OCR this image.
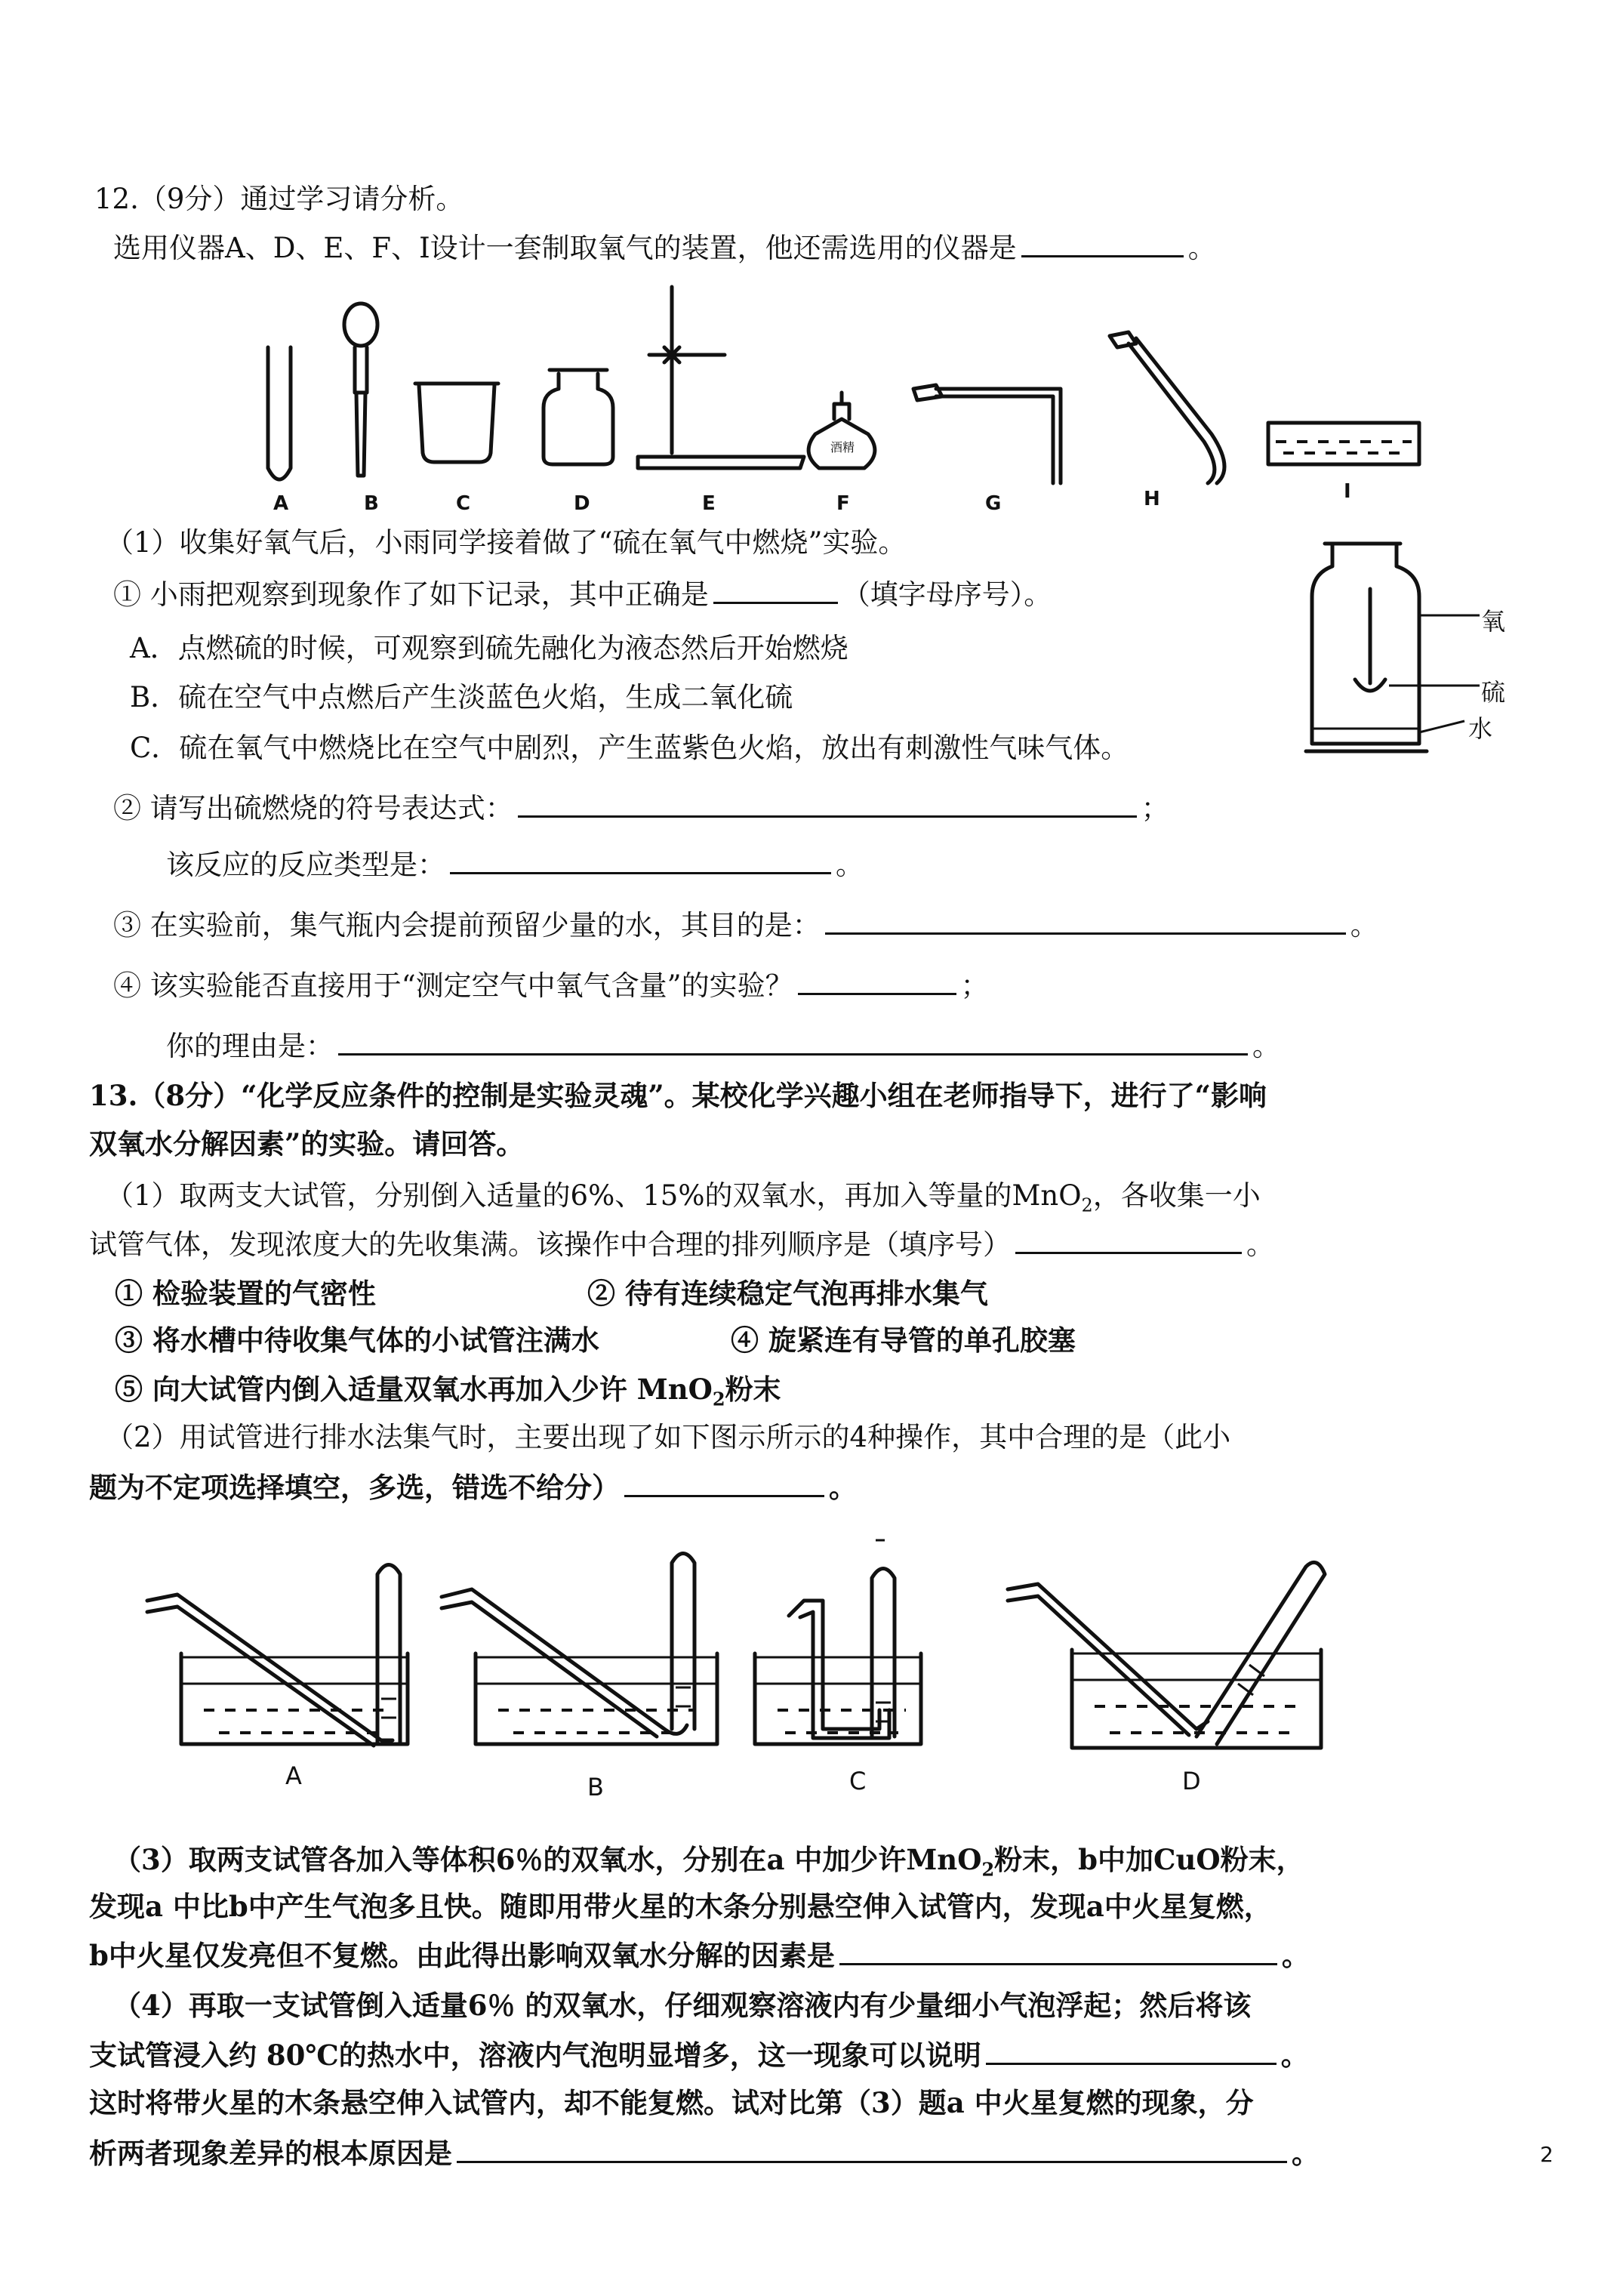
12.（9分）通过学习请分析。
选用仪器A、D、E、F、I设计一套制取氧气的装置，他还需选用的仪器是	。
酒精
A	B	C	D	E	F	G	H	I
（1）收集好氧气后，小雨同学接着做了“硫在氧气中燃烧”实验。
① 小雨把观察到现象作了如下记录，其中正确是	（填字母序号）。
A．点燃硫的时候，可观察到硫先融化为液态然后开始燃烧
B．硫在空气中点燃后产生淡蓝色火焰，生成二氧化硫
C．硫在氧气中燃烧比在空气中剧烈，产生蓝紫色火焰，放出有刺激性气味气体。
氧
硫
水
② 请写出硫燃烧的符号表达式：	；
该反应的反应类型是：	。
③ 在实验前，集气瓶内会提前预留少量的水，其目的是：	。
④ 该实验能否直接用于“测定空气中氧气含量”的实验？	；
你的理由是：	。
13.（8分）“化学反应条件的控制是实验灵魂”。某校化学兴趣小组在老师指导下，进行了“影响
双氧水分解因素”的实验。请回答。
（1）取两支大试管，分别倒入适量的6%、15%的双氧水，再加入等量的MnO$_2$，各收集一小
试管气体，发现浓度大的先收集满。该操作中合理的排列顺序是（填序号）	。
① 检验装置的气密性	② 待有连续稳定气泡再排水集气
③ 将水槽中待收集气体的小试管注满水	④ 旋紧连有导管的单孔胶塞
⑤ 向大试管内倒入适量双氧水再加入少许 MnO$_2$粉末
（2）用试管进行排水法集气时，主要出现了如下图示所示的4种操作，其中合理的是（此小
题为不定项选择填空，多选，错选不给分）	。
A	B	C	D
（3）取两支试管各加入等体积6％的双氧水，分别在a 中加少许MnO$_2$粉末，b中加CuO粉末，
发现a 中比b中产生气泡多且快。随即用带火星的木条分别悬空伸入试管内，发现a中火星复燃，
b中火星仅发亮但不复燃。由此得出影响双氧水分解的因素是	。
（4）再取一支试管倒入适量6％ 的双氧水，仔细观察溶液内有少量细小气泡浮起；然后将该
支试管浸入约 80℃的热水中，溶液内气泡明显增多，这一现象可以说明	。
这时将带火星的木条悬空伸入试管内，却不能复燃。试对比第（3）题a 中火星复燃的现象，分
析两者现象差异的根本原因是	。	2
